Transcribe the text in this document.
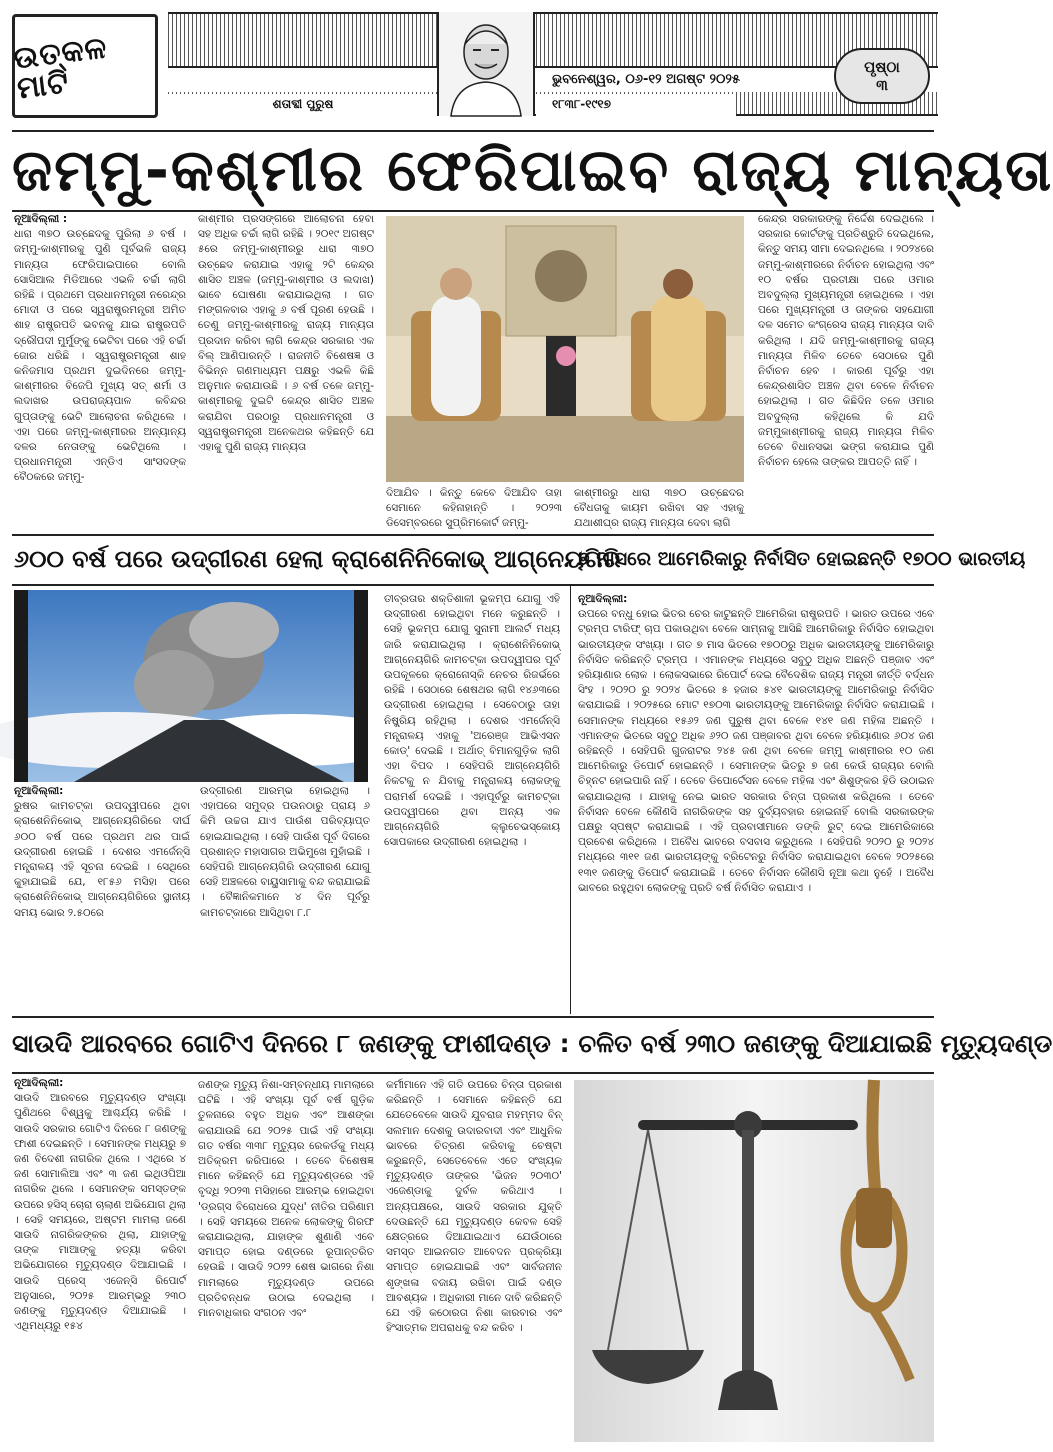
ଉତ୍କଳ ମାଟି	ଭୁବନେଶ୍ୱର, ୦୬-୧୨ ଅଗଷ୍ଟ ୨୦୨୫
ଶତାବ୍ଦୀ ପୁରୁଷ	୧୮୩୮-୧୯୧୭
ପୃଷ୍ଠା
୩
ଜମ୍ମୁ-କଶ୍ମୀର ଫେରିପାଇବ ରାଜ୍ୟ ମାନ୍ୟତା
ନୂଆଦିଲ୍ଲୀ :
ଧାରା ୩୭୦ ଉଚ୍ଛେଦକୁ ପୁରିଲା ୬ ବର୍ଷ । ଜମ୍ମୁ-କାଶ୍ମୀରକୁ ପୁଣି ପୂର୍ବଭଳି ରାଜ୍ୟ ମାନ୍ୟତା ଫେରିପାଇପାରେ ବୋଲି ସୋସିଆଲ ମିଡିଆରେ ଏଭଳି ଚର୍ଚ୍ଚା ଲାଗି ରହିଛି । ପ୍ରଥମେ ପ୍ରଧାନମନ୍ତ୍ରୀ ନରେନ୍ଦ୍ର ମୋଦୀ ଓ ପରେ ସ୍ୱରାଷ୍ଟ୍ରମନ୍ତ୍ରୀ ଅମିତ ଶାହ ରାଷ୍ଟ୍ରପତି ଭବନକୁ ଯାଇ ରାଷ୍ଟ୍ରପତି ଦ୍ରୌପଦୀ ମୁର୍ମୁଙ୍କୁ ଭେଟିବା ପରେ ଏହି ଚର୍ଚ୍ଚା ଜୋର ଧରିଛି । ସ୍ୱରାଷ୍ଟ୍ରମନ୍ତ୍ରୀ ଶାହ କନିଜମାସ ପ୍ରଥମ ଦୁଇଦିନରେ ଜମ୍ମୁ-କାଶ୍ମୀରର ବିଜେପି ମୁଖ୍ୟ ସତ୍ ଶର୍ମା ଓ ଲଦାଖର ଉପରାଜ୍ୟପାଳ କବିନ୍ଦର ଗୁପ୍ତାଙ୍କୁ ଭେଟି ଆଲୋଚନା କରିଥିଲେ । ଏହା ପରେ ଜମ୍ମୁ-କାଶ୍ମୀରର ଅନ୍ୟାନ୍ୟ ଦଳର ନେତାଙ୍କୁ ଭେଟିଥିଲେ । ପ୍ରଧାନମନ୍ତ୍ରୀ ଏନ୍‌ଡିଏ ସାଂସଦଙ୍କ ବୈଠକରେ ଜମ୍ମୁ-
କାଶ୍ମୀର ପ୍ରସଙ୍ଗରେ ଆଲୋଚନା ହେବା ସହ ଅଧିକ ଚର୍ଚ୍ଚା ଲାଗି ରହିଛି । ୨୦୧୯ ଅଗଷ୍ଟ ୫ରେ ଜମ୍ମୁ-କାଶ୍ମୀରରୁ ଧାରା ୩୭୦ ଉଚ୍ଛେଦ କରାଯାଇ ଏହାକୁ ୨ଟି କେନ୍ଦ୍ର ଶାସିତ ଅଞ୍ଚଳ (ଜମ୍ମୁ-କାଶ୍ମୀର ଓ ଲଦାଖ) ଭାବେ ଘୋଷଣା କରାଯାଇଥିଲା । ଗତ ମଙ୍ଗଳବାର ଏହାକୁ ୬ ବର୍ଷ ପୂରଣ ହେଉଛି । ତେଣୁ ଜମ୍ମୁ-କାଶ୍ମୀରକୁ ରାଜ୍ୟ ମାନ୍ୟତା ପ୍ରଦାନ କରିବା ଲାଗି କେନ୍ଦ୍ର ସରକାର ଏକ ବିଲ୍ ଆଣିପାରନ୍ତି । ରାଜନୀତି ବିଶେଷଜ୍ଞ ଓ ବିଭିନ୍ନ ଗଣମାଧ୍ୟମ ପକ୍ଷରୁ ଏଭଳି କିଛି ଅନୁମାନ କରାଯାଉଛି । ୬ ବର୍ଷ ତଳେ ଜମ୍ମୁ-କାଶ୍ମୀରକୁ ଦୁଇଟି କେନ୍ଦ୍ର ଶାସିତ ଅଞ୍ଚଳ କରାଯିବା ପରଠାରୁ ପ୍ରଧାନମନ୍ତ୍ରୀ ଓ ସ୍ୱରାଷ୍ଟ୍ରମନ୍ତ୍ରୀ ଅନେକଥର କହିଛନ୍ତି ଯେ ଏହାକୁ ପୁଣି ରାଜ୍ୟ ମାନ୍ୟତା
ଦିଆଯିବ । କିନ୍ତୁ କେବେ ଦିଆଯିବ ତାହା ସେମାନେ କହିନାହାନ୍ତି । ୨୦୨୩ ଡିସେମ୍ବରରେ ସୁପ୍ରିମକୋର୍ଟ ଜମ୍ମୁ-
କାଶ୍ମୀରରୁ ଧାରା ୩୭୦ ଉଚ୍ଛେଦର ବୈଧତାକୁ କାୟମ ରଖିବା ସହ ଏହାକୁ ଯଥାଶୀଘ୍ର ରାଜ୍ୟ ମାନ୍ୟତା ଦେବା ଲାଗି
କେନ୍ଦ୍ର ସରକାରଙ୍କୁ ନିର୍ଦ୍ଦେଶ ଦେଇଥିଲେ । ସରକାର କୋର୍ଟଙ୍କୁ ପ୍ରତିଶ୍ରୁତି ଦେଇଥିଲେ, କିନ୍ତୁ ସମୟ ସୀମା ଦେଇନଥିଲେ । ୨୦୨୪ରେ ଜମ୍ମୁ-କାଶ୍ମୀରରେ ନିର୍ବାଚନ ହୋଇଥିଲା ଏବଂ ୧୦ ବର୍ଷର ପ୍ରତୀକ୍ଷା ପରେ ଓମାର ଅବଦୁଲ୍ଲା ମୁଖ୍ୟମନ୍ତ୍ରୀ ହୋଇଥିଲେ । ଏହା ପରେ ମୁଖ୍ୟମନ୍ତ୍ରୀ ଓ ତାଙ୍କର ସହଯୋଗୀ ଦଳ ସମେତ କଂଗ୍ରେସ ରାଜ୍ୟ ମାନ୍ୟତା ଦାବି କରିଥିଲା । ଯଦି ଜମ୍ମୁ-କାଶ୍ମୀରକୁ ରାଜ୍ୟ ମାନ୍ୟତା ମିଳିବ ତେବେ ସେଠାରେ ପୁଣି ନିର୍ବାଚନ ହେବ । କାରଣ ପୂର୍ବରୁ ଏହା କେନ୍ଦ୍ରଶାସିତ ଅଞ୍ଚଳ ଥିବା ବେଳେ ନିର୍ବାଚନ ହୋଇଥିଲା । ଗତ କିଛିଦିନ ତଳେ ଓମାର ଅବଦୁଲ୍ଲା କହିଥିଲେ କି ଯଦି ଜମ୍ମୁକାଶ୍ମୀରକୁ ରାଜ୍ୟ ମାନ୍ୟତା ମିଳିବ ତେବେ ବିଧାନସଭା ଭଙ୍ଗ କରାଯାଇ ପୁଣି ନିର୍ବାଚନ ହେଲେ ତାଙ୍କର ଆପତ୍ତି ନାହିଁ ।
୬୦୦ ବର୍ଷ ପରେ ଉଦ୍‌ଗୀରଣ ହେଲା କ୍ରାଶେନିନିକୋଭ୍ ଆଗ୍ନେୟଗିରି
୭ ମାସରେ ଆମେରିକାରୁ ନିର୍ବାସିତ ହୋଇଛନ୍ତି ୧୭୦୦ ଭାରତୀୟ
ନୂଆଦିଲ୍ଲୀ:
ରୁଷର କାମଚଟ୍‌କା ଉପଦ୍ୱୀପରେ ଥିବା କ୍ରାଶେନିନିକୋଭ୍ ଆଗ୍ନେୟଗିରିରେ ଦୀର୍ଘ ୬୦୦ ବର୍ଷ ପରେ ପ୍ରଥମ ଥର ପାଇଁ ଉଦ୍‌ଗୀରଣ ହୋଇଛି । ଦେଶର ଏମର୍ଜେନ୍ସି ମନ୍ତ୍ରାଳୟ ଏହି ସୂଚନା ଦେଇଛି । ସେଥିରେ କୁହାଯାଇଛି ଯେ, ୧୮୫୬ ମସିହା ପରେ କ୍ରାଶେନିନିକୋଭ୍ ଆଗ୍ନେୟଗିରିରେ ସ୍ଥାନୀୟ ସମୟ ଭୋର ୨.୫୦ରେ
ଉଦ୍‌ଗୀରଣ ଆରମ୍ଭ ହୋଇଥିଲା । ଏହାପରେ ସମୁଦ୍ର ପଉନଠାରୁ ପ୍ରାୟ ୬ କିମି ଉଚ୍ଚତା ଯାଏ ପାଉଁଶ ପରିବ୍ୟାପ୍ତ ହୋଇଯାଇଥିଲା । ସେହି ପାଉଁଶ ପୂର୍ବ ଦିଗରେ ପ୍ରଶାନ୍ତ ମହାସାଗର ଅଭିମୁଖେ ମୁହାଁଇଛି । ସେହିପରି ଆଗ୍ନେୟଗିରି ଉଦ୍‌ଗୀରଣ ଯୋଗୁ ସେହି ଅଞ୍ଚଳରେ ବାୟୁସାମାକୁ ବନ୍ଦ କରାଯାଇଛି । ବୈଜ୍ଞାନିକମାନେ ୪ ଦିନ ପୂର୍ବରୁ କାମଚଟ୍‌କାରେ ଆସିଥିବା ୮.୮
ତୀବ୍ରତାର ଶକ୍ତିଶାଳୀ ଭୂକମ୍ପ ଯୋଗୁ ଏହି ଉଦ୍‌ଗୀରଣ ହୋଇଥିବା ମନେ କରୁଛନ୍ତି । ସେହି ଭୂକମ୍ପ ଯୋଗୁ ସୁନାମୀ ଆଲର୍ଟ ମଧ୍ୟ ଜାରି କରାଯାଇଥିଲା । କ୍ରାଶେନିନିକୋଭ୍ ଆଗ୍ନେୟଗିରି କାମଚଟ୍‌କା ଉପଦ୍ୱୀପର ପୂର୍ବ ଉପକୂଳରେ କ୍ରୋନୋସ୍କି ନେଚର ରିଜର୍ଭରେ ରହିଛି । ସେଠାରେ ଶେଷଥର ଲାଗି ୧୪୬୩ରେ ଉଦ୍‌ଗୀରଣ ହୋଇଥିଲା । ସେବେଠାରୁ ତାହା ନିଷ୍କ୍ରିୟ ରହିଥିଲା । ଦେଶର ଏମର୍ଜେନ୍ସି ମନ୍ତ୍ରାଳୟ ଏହାକୁ 'ଅରେଞ୍ଜ ଆଭିଏସନ କୋଡ୍' ଦେଇଛି । ଅର୍ଥାତ୍ ବିମାନଗୁଡ଼ିକ ଲାଗି ଏହା ବିପଦ । ସେହିପରି ଆଗ୍ନେୟଗିରି ନିକଟକୁ ନ ଯିବାକୁ ମନ୍ତ୍ରାଳୟ ଲୋକଙ୍କୁ ପରାମର୍ଶ ଦେଇଛି । ଏହାପୂର୍ବରୁ କାମଚଟ୍‌କା ଉପଦ୍ୱୀପରେ ଥିବା ଅନ୍ୟ ଏକ ଆଗ୍ନେୟଗିରି କ୍ଲୁଚେଭସ୍କୋୟ ସୋପକାରେ ଉଦ୍‌ଗୀରଣ ହୋଇଥିଲା ।
ନୂଆଦିଲ୍ଲୀ:
ଉପରେ ବନ୍ଧୁ ହୋଇ ଭିତର ଚେର କାଟୁଛନ୍ତି ଆମେରିକା ରାଷ୍ଟ୍ରପତି । ଭାରତ ଉପରେ ଏବେ ଟ୍ରମ୍ପ ଟାରିଫ୍ ଚାପ ପକାଉଥିବା ବେଳେ ସାମ୍ନାକୁ ଆସିଛି ଆମେରିକାରୁ ନିର୍ବାସିତ ହୋଇଥିବା ଭାରତୀୟଙ୍କ ସଂଖ୍ୟା । ଗତ ୭ ମାସ ଭିତରେ ୧୭୦୦ରୁ ଅଧିକ ଭାରତୀୟଙ୍କୁ ଆମେରିକାରୁ ନିର୍ବାସିତ କରିଛନ୍ତି ଟ୍ରମ୍ପ । ଏମାନଙ୍କ ମଧ୍ୟରେ ସବୁଠୁ ଅଧିକ ଅଛନ୍ତି ପଞ୍ଜାବ ଏବଂ ହରିୟାଣାର ଲୋକ । ଲୋକସଭାରେ ରିପୋର୍ଟ ଦେଇ ବୈଦେଶିକ ରାଜ୍ୟ ମନ୍ତ୍ରୀ କୀର୍ତ୍ତି ବର୍ଦ୍ଧନ ସିଂହ । ୨୦୨୦ ରୁ ୨୦୨୪ ଭିତରେ ୫ ହଜାର ୫୪୧ ଭାରତୀୟଙ୍କୁ ଆମେରିକାରୁ ନିର୍ବାସିତ କରାଯାଇଛି । ୨୦୨୫ରେ ମୋଟ ୧୭୦୩ ଭାରତୀୟଙ୍କୁ ଆମେରିକାରୁ ନିର୍ବାସିତ କରାଯାଇଛି । ସେମାନଙ୍କ ମଧ୍ୟରେ ୧୫୬୨ ଜଣ ପୁରୁଷ ଥିବା ବେଳେ ୧୪୧ ଜଣ ମହିଳା ଅଛନ୍ତି । ଏମାନଙ୍କ ଭିତରେ ସବୁଠୁ ଅଧିକ ୬୨୦ ଜଣ ପଞ୍ଜାବର ଥିବା ବେଳେ ହରିୟାଣାର ୬୦୪ ଜଣ ରହିଛନ୍ତି । ସେହିପରି ଗୁଜରାଟର ୨୪୫ ଜଣ ଥିବା ବେଳେ ଜମ୍ମୁ କାଶ୍ମୀରର ୧୦ ଜଣ ଆମେରିକାରୁ ଡିପୋର୍ଟ ହୋଇଛନ୍ତି । ସେମାନଙ୍କ ଭିତରୁ ୭ ଜଣ କେଉଁ ରାଜ୍ୟର ବୋଲି ଚିହ୍ନଟ ହୋଇପାରି ନାହିଁ । ତେବେ ଡିପୋର୍ଟେସନ ବେଳେ ମହିଳା ଏବଂ ଶିଶୁଙ୍କର ହିଡି ଉଠାଇନ କରାଯାଇଥିଲା । ଯାହାକୁ ନେଇ ଭାରତ ସରକାର ଚିନ୍ତା ପ୍ରକାଶ କରିଥିଲେ । ତେବେ ନିର୍ବାସନ ବେଳେ କୌଣସି ନାଗରିକଙ୍କ ସହ ଦୁର୍ବ୍ୟବହାର ହୋଇନାହିଁ ବୋଲି ସରକାରଙ୍କ ପକ୍ଷରୁ ସ୍ପଷ୍ଟ କରାଯାଇଛି । ଏହି ପ୍ରବାସୀମାନେ ଡଙ୍କି ରୁଟ୍ ଦେଇ ଆମେରିକାରେ ପ୍ରବେଶ କରିଥିଲେ । ଅବୈଧ ଭାବରେ ବସବାସ କରୁଥିଲେ । ସେହିପରି ୨୦୨୦ ରୁ ୨୦୨୪ ମଧ୍ୟରେ ୩୧୧ ଜଣ ଭାରତୀୟଙ୍କୁ ବ୍ରିଟେନରୁ ନିର୍ବାସିତ କରାଯାଇଥିବା ବେଳେ ୨୦୨୫ରେ ୧୩୧ ଜଣଙ୍କୁ ଡିପୋର୍ଟ କରାଯାଇଛି । ତେବେ ନିର୍ବାସନ କୌଣସି ନୂଆ କଥା ନୁହେଁ । ଅବୈଧ ଭାବରେ ରହୁଥିବା ଲୋକଙ୍କୁ ପ୍ରତି ବର୍ଷ ନିର୍ବାସିତ କରାଯାଏ ।
ସାଉଦି ଆରବରେ ଗୋଟିଏ ଦିନରେ ୮ ଜଣଙ୍କୁ ଫାଶୀଦଣ୍ଡ : ଚଳିତ ବର୍ଷ ୨୩୦ ଜଣଙ୍କୁ ଦିଆଯାଇଛି ମୃତ୍ୟୁଦଣ୍ଡ
ନୂଆଦିଲ୍ଲୀ:
ସାଉଦି ଆରବରେ ମୃତ୍ୟୁଦଣ୍ଡ ସଂଖ୍ୟା ପୁଣିଥରେ ବିଶ୍ୱକୁ ଆଶ୍ଚର୍ଯ୍ୟ କରିଛି । ସାଉଦି ସରକାର ଗୋଟିଏ ଦିନରେ ୮ ଜଣଙ୍କୁ ଫାଶୀ ଦେଇଛନ୍ତି । ସେମାନଙ୍କ ମଧ୍ୟରୁ ୭ ଜଣ ବିଦେଶୀ ନାଗରିକ ଥିଲେ । ଏଥିରେ ୪ ଜଣ ସୋମାଲିଆ ଏବଂ ୩ ଜଣ ଇଥିଓପିଆ ନାଗରିକ ଥିଲେ । ସେମାନଙ୍କ ସମସ୍ତଙ୍କ ଉପରେ ହସିସ୍ ଚୋରା ଚାଲାଣ ଅଭିଯୋଗ ଥିଲା । ସେହି ସମୟରେ, ଅଷ୍ଟମ ମାମଲା ଜଣେ ସାଉଦି ନାଗରିକଙ୍କର ଥିଲା, ଯାହାଙ୍କୁ ତାଙ୍କ ମାଆଙ୍କୁ ହତ୍ୟା କରିବା ଅଭିଯୋଗରେ ମୃତ୍ୟୁଦଣ୍ଡ ଦିଆଯାଇଛି । ସାଉଦି ପ୍ରେସ୍ ଏଜେନ୍ସି ରିପୋର୍ଟ ଅନୁସାରେ, ୨୦୨୫ ଆରମ୍ଭରୁ ୨୩୦ ଜଣଙ୍କୁ ମୃତ୍ୟୁଦଣ୍ଡ ଦିଆଯାଇଛି । ଏଥିମଧ୍ୟରୁ ୧୫୪
ଜଣଙ୍କ ମୃତ୍ୟୁ ନିଶା-ସମ୍ବନ୍ଧୀୟ ମାମଲାରେ ଘଟିଛି । ଏହି ସଂଖ୍ୟା ପୂର୍ବ ବର୍ଷ ଗୁଡ଼ିକ ତୁଳନାରେ ବହୁତ ଅଧିକ ଏବଂ ଆଶଙ୍କା କରାଯାଉଛି ଯେ ୨୦୨୫ ପାଇଁ ଏହି ସଂଖ୍ୟା ଗତ ବର୍ଷର ୩୩୮ ମୃତ୍ୟୁର ରେକର୍ଡକୁ ମଧ୍ୟ ଅତିକ୍ରମ କରିପାରେ । ତେବେ ବିଶେଷଜ୍ଞ ମାନେ କହିଛନ୍ତି ଯେ ମୃତ୍ୟୁଦଣ୍ଡରେ ଏହି ବୃଦ୍ଧି ୨୦୨୩ ମସିହାରେ ଆରମ୍ଭ ହୋଇଥିବା 'ଡ୍ରଗ୍ସ ବିରୋଧରେ ଯୁଦ୍ଧ' ନୀତିର ପରିଣାମ । ସେହି ସମୟରେ ଅନେକ ଲୋକଙ୍କୁ ଗିରଫ କରାଯାଇଥିଲା, ଯାହାଙ୍କ ଶୁଣାଣି ଏବେ ସମାପ୍ତ ହୋଇ ଦଣ୍ଡରେ ରୂପାନ୍ତରିତ ହେଉଛି । ସାଉଦି ୨୦୨୨ ଶେଷ ଭାଗରେ ନିଶା ମାମଲାରେ ମୃତ୍ୟୁଦଣ୍ଡ ଉପରେ ପ୍ରତିବନ୍ଧକ ଉଠାଇ ଦେଇଥିଲା । ମାନବାଧିକାର ସଂଗଠନ ଏବଂ
କର୍ମୀମାନେ ଏହି ଗତି ଉପରେ ଚିନ୍ତା ପ୍ରକାଶ କରିଛନ୍ତି । ସେମାନେ କହିଛନ୍ତି ଯେ ଯେତେବେଳେ ସାଉଦି ଯୁବରାଜ ମହମ୍ମଦ ବିନ୍ ସଲମାନ ଦେଶକୁ ଉଦାରବାଦୀ ଏବଂ ଆଧୁନିକ ଭାବରେ ଚିତ୍ରଣ କରିବାକୁ ଚେଷ୍ଟା କରୁଛନ୍ତି, ସେତେବେଳେ ଏତେ ସଂଖ୍ୟକ ମୃତ୍ୟୁଦଣ୍ଡ ତାଙ୍କର 'ଭିଜନ ୨୦୩୦' ଏଜେଣ୍ଡାକୁ ଦୁର୍ବଳ କରିଥାଏ । ଅନ୍ୟପକ୍ଷରେ, ସାଉଦି ସରକାର ଯୁକ୍ତି ଦେଉଛନ୍ତି ଯେ ମୃତ୍ୟୁଦଣ୍ଡ କେବଳ ସେହି କ୍ଷେତ୍ରରେ ଦିଆଯାଇଥାଏ ଯେଉଁଠାରେ ସମସ୍ତ ଆଇନଗତ ଆବେଦନ ପ୍ରକ୍ରିୟା ସମାପ୍ତ ହୋଇଯାଇଛି ଏବଂ ସାର୍ବଜନୀନ ଶୃଙ୍ଖଳା ବଜାୟ ରଖିବା ପାଇଁ ଦଣ୍ଡ ଆବଶ୍ୟକ । ଅଧିକାରୀ ମାନେ ଦାବି କରିଛନ୍ତି ଯେ ଏହି କଠୋରତା ନିଶା କାରବାର ଏବଂ ହିଂସାତ୍ମକ ଅପରାଧକୁ ବନ୍ଦ କରିବ ।
